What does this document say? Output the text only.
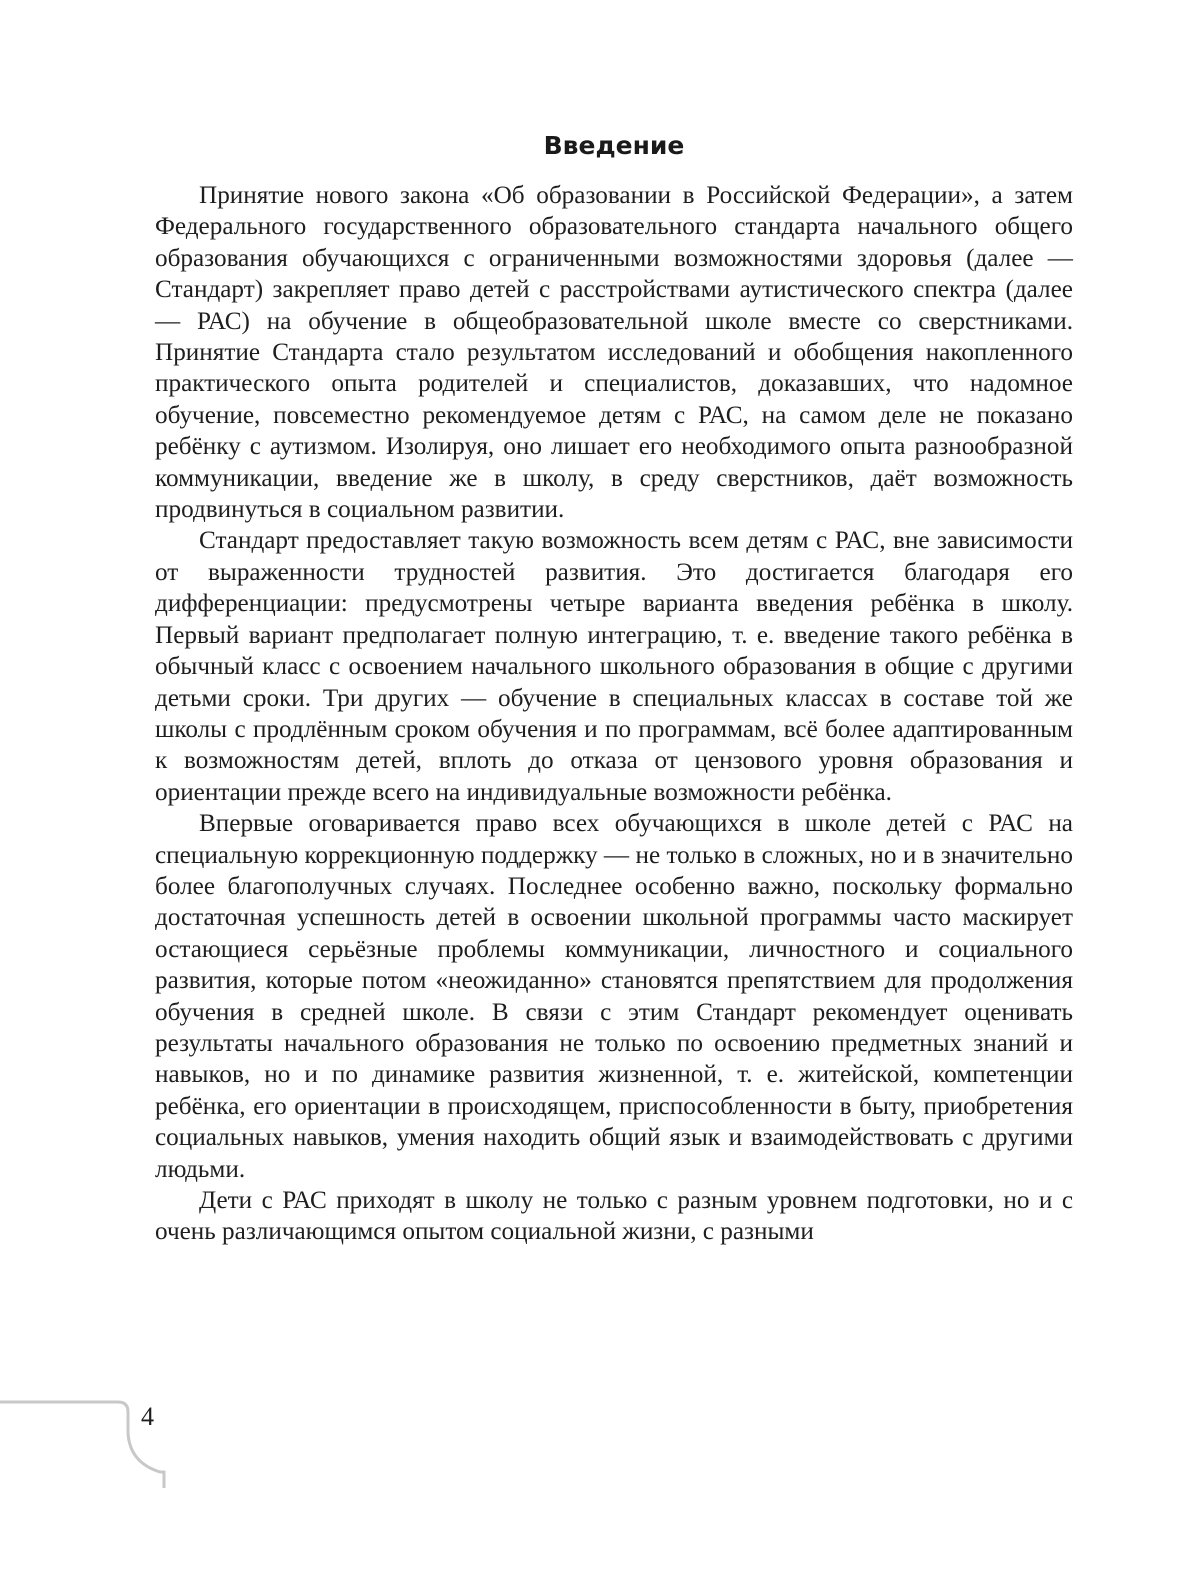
Введение

Принятие нового закона «Об образовании в Российской Федерации», а затем Федерального государственного образовательного стандарта начального общего образования обучающихся с ограниченными возможностями здоровья (далее — Стандарт) закрепляет право детей с расстройствами аутистического спектра (далее — РАС) на обучение в общеобразовательной школе вместе со сверстниками. Принятие Стандарта стало результатом исследований и обобщения накопленного практического опыта родителей и специалистов, доказавших, что надомное обучение, повсеместно рекомендуемое детям с РАС, на самом деле не показано ребёнку с аутизмом. Изолируя, оно лишает его необходимого опыта разнообразной коммуникации, введение же в школу, в среду сверстников, даёт возможность продвинуться в социальном развитии.

Стандарт предоставляет такую возможность всем детям с РАС, вне зависимости от выраженности трудностей развития. Это достигается благодаря его дифференциации: предусмотрены четыре варианта введения ребёнка в школу. Первый вариант предполагает полную интеграцию, т. е. введение такого ребёнка в обычный класс с освоением начального школьного образования в общие с другими детьми сроки. Три других — обучение в специальных классах в составе той же школы с продлённым сроком обучения и по программам, всё более адаптированным к возможностям детей, вплоть до отказа от цензового уровня образования и ориентации прежде всего на индивидуальные возможности ребёнка.

Впервые оговаривается право всех обучающихся в школе детей с РАС на специальную коррекционную поддержку — не только в сложных, но и в значительно более благополучных случаях. Последнее особенно важно, поскольку формально достаточная успешность детей в освоении школьной программы часто маскирует остающиеся серьёзные проблемы коммуникации, личностного и социального развития, которые потом «неожиданно» становятся препятствием для продолжения обучения в средней школе. В связи с этим Стандарт рекомендует оценивать результаты начального образования не только по освоению предметных знаний и навыков, но и по динамике развития жизненной, т. е. житейской, компетенции ребёнка, его ориентации в происходящем, приспособленности в быту, приобретения социальных навыков, умения находить общий язык и взаимодействовать с другими людьми.

Дети с РАС приходят в школу не только с разным уровнем подготовки, но и с очень различающимся опытом социальной жизни, с разными

4
